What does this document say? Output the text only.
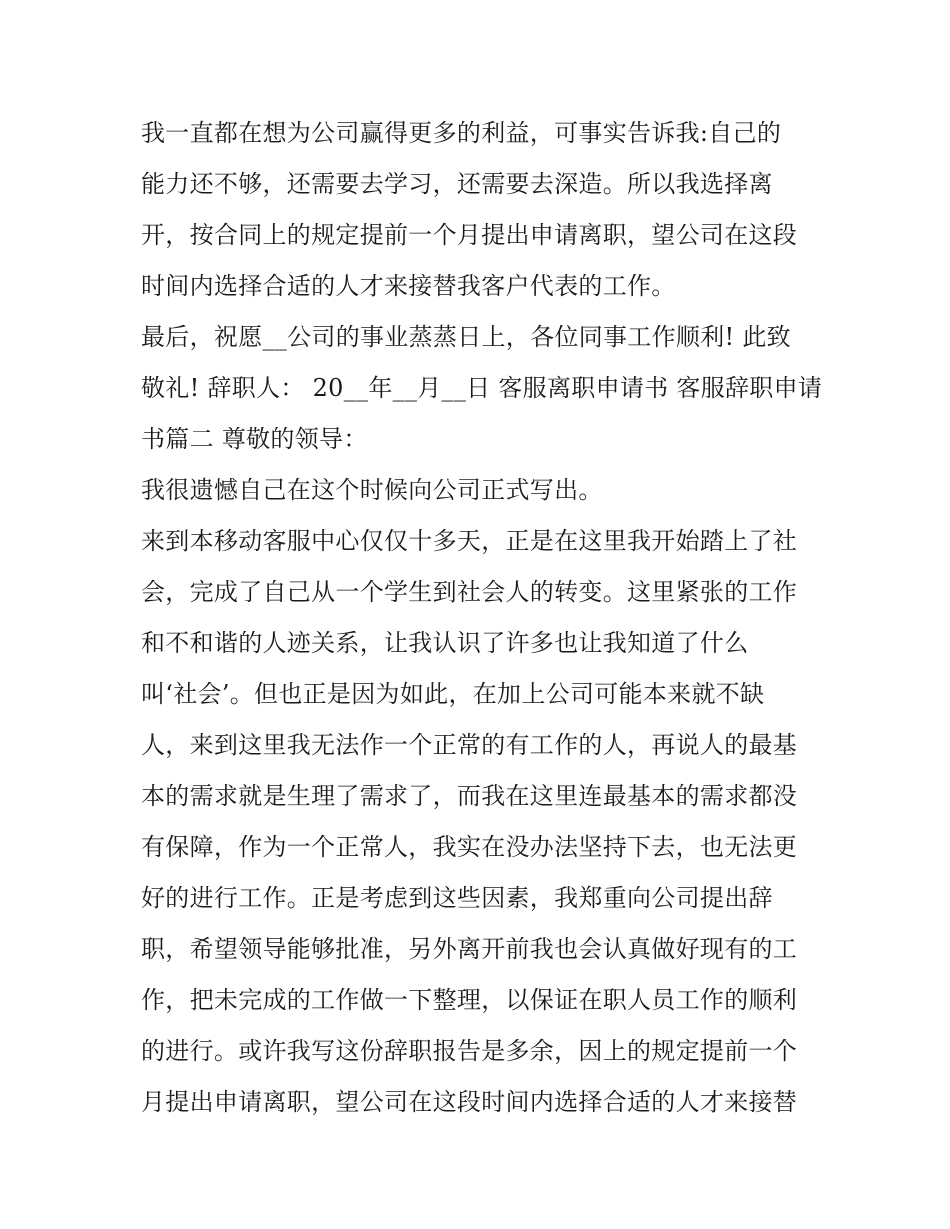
我一直都在想为公司赢得更多的利益，可事实告诉我:自己的
能力还不够，还需要去学习，还需要去深造。所以我选择离
开，按合同上的规定提前一个月提出申请离职，望公司在这段
时间内选择合适的人才来接替我客户代表的工作。
最后，祝愿__公司的事业蒸蒸日上，各位同事工作顺利! 此致
敬礼! 辞职人： 20__年__月__日 客服离职申请书 客服辞职申请
书篇二 尊敬的领导：
我很遗憾自己在这个时候向公司正式写出。
来到本移动客服中心仅仅十多天，正是在这里我开始踏上了社
会，完成了自己从一个学生到社会人的转变。这里紧张的工作
和不和谐的人迹关系，让我认识了许多也让我知道了什么
叫‘社会’。但也正是因为如此，在加上公司可能本来就不缺
人，来到这里我无法作一个正常的有工作的人，再说人的最基
本的需求就是生理了需求了，而我在这里连最基本的需求都没
有保障，作为一个正常人，我实在没办法坚持下去，也无法更
好的进行工作。正是考虑到这些因素，我郑重向公司提出辞
职，希望领导能够批准，另外离开前我也会认真做好现有的工
作，把未完成的工作做一下整理，以保证在职人员工作的顺利
的进行。或许我写这份辞职报告是多余，因上的规定提前一个
月提出申请离职，望公司在这段时间内选择合适的人才来接替
